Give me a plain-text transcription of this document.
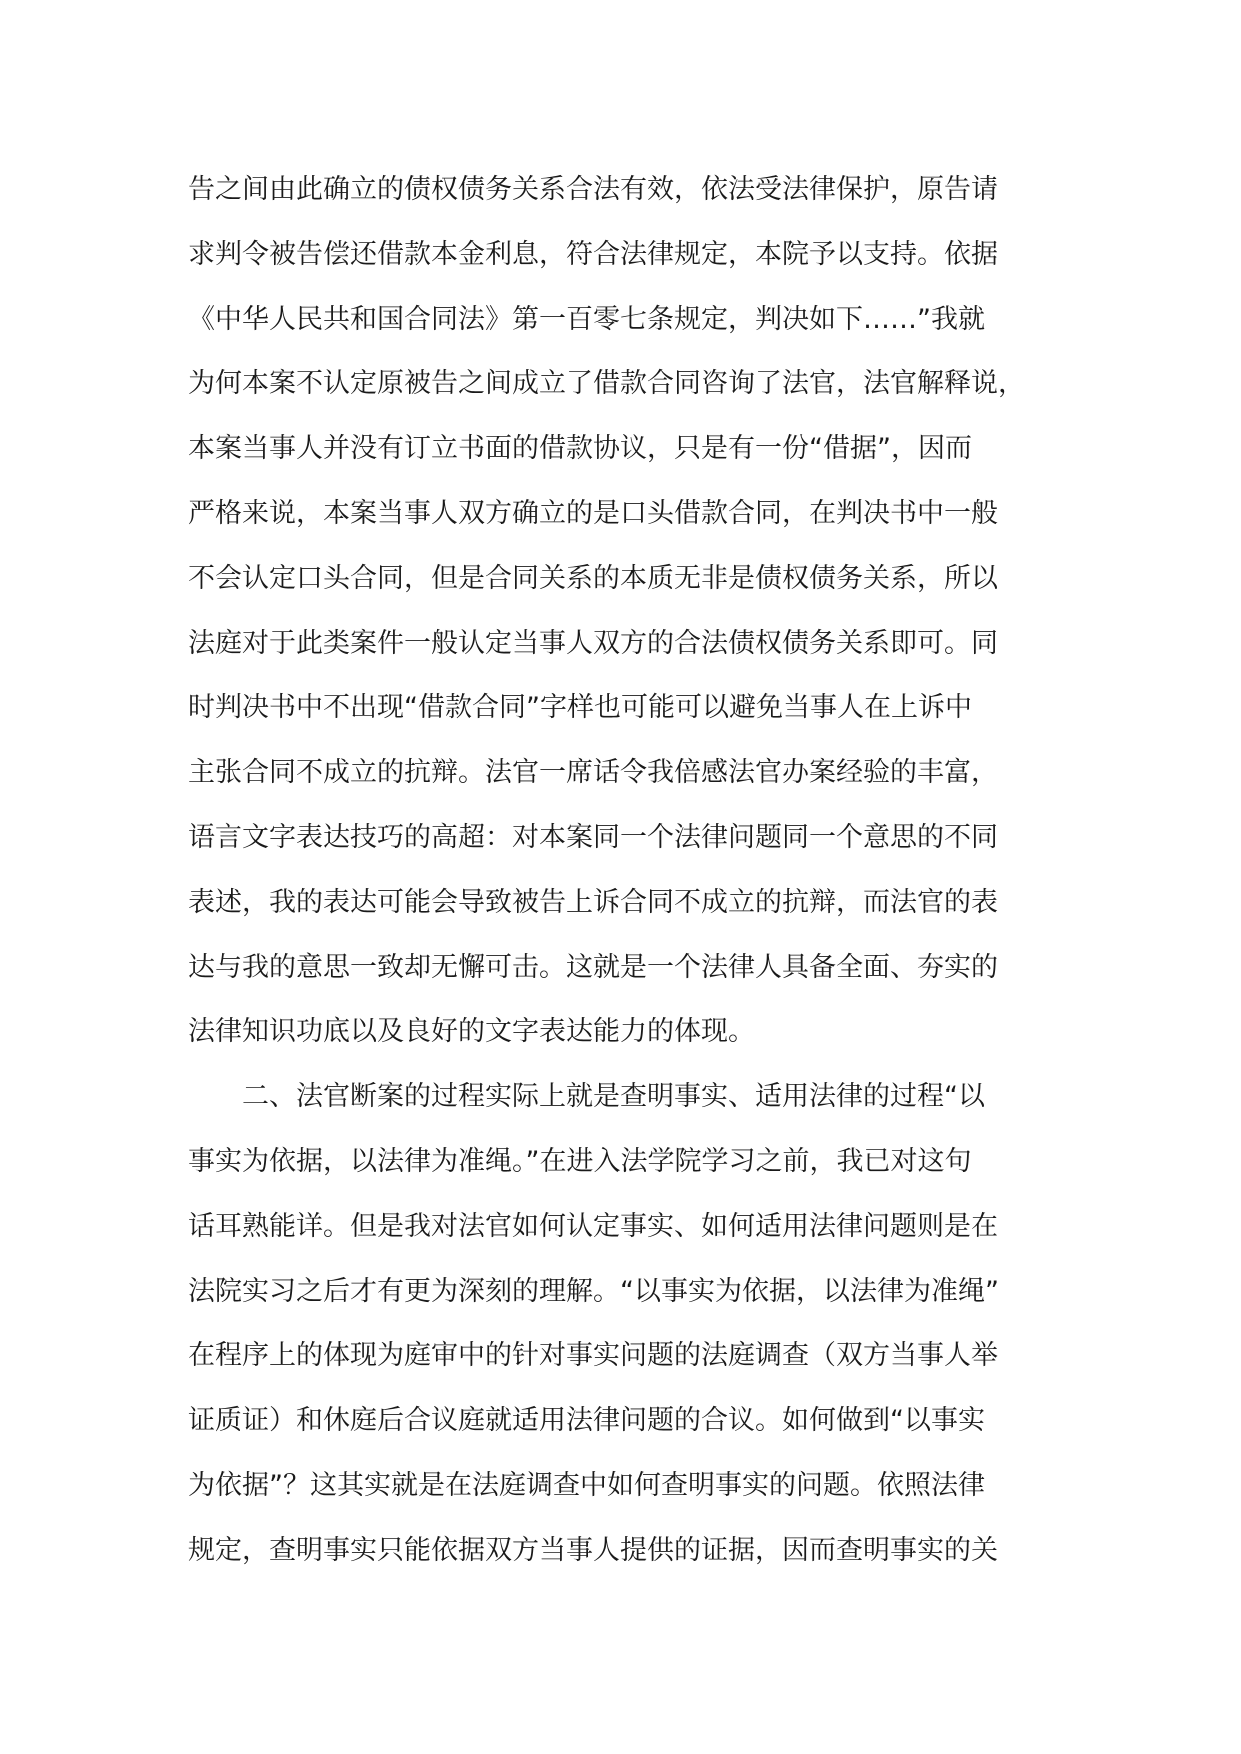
告之间由此确立的债权债务关系合法有效，依法受法律保护，原告请
求判令被告偿还借款本金利息，符合法律规定，本院予以支持。依据
《中华人民共和国合同法》第一百零七条规定，判决如下……”我就
为何本案不认定原被告之间成立了借款合同咨询了法官，法官解释说，
本案当事人并没有订立书面的借款协议，只是有一份“借据”，因而
严格来说，本案当事人双方确立的是口头借款合同，在判决书中一般
不会认定口头合同，但是合同关系的本质无非是债权债务关系，所以
法庭对于此类案件一般认定当事人双方的合法债权债务关系即可。同
时判决书中不出现“借款合同”字样也可能可以避免当事人在上诉中
主张合同不成立的抗辩。法官一席话令我倍感法官办案经验的丰富，
语言文字表达技巧的高超：对本案同一个法律问题同一个意思的不同
表述，我的表达可能会导致被告上诉合同不成立的抗辩，而法官的表
达与我的意思一致却无懈可击。这就是一个法律人具备全面、夯实的
法律知识功底以及良好的文字表达能力的体现。
二、法官断案的过程实际上就是查明事实、适用法律的过程“以
事实为依据，以法律为准绳。”在进入法学院学习之前，我已对这句
话耳熟能详。但是我对法官如何认定事实、如何适用法律问题则是在
法院实习之后才有更为深刻的理解。“以事实为依据，以法律为准绳”
在程序上的体现为庭审中的针对事实问题的法庭调查（双方当事人举
证质证）和休庭后合议庭就适用法律问题的合议。如何做到“以事实
为依据”？这其实就是在法庭调查中如何查明事实的问题。依照法律
规定，查明事实只能依据双方当事人提供的证据，因而查明事实的关
